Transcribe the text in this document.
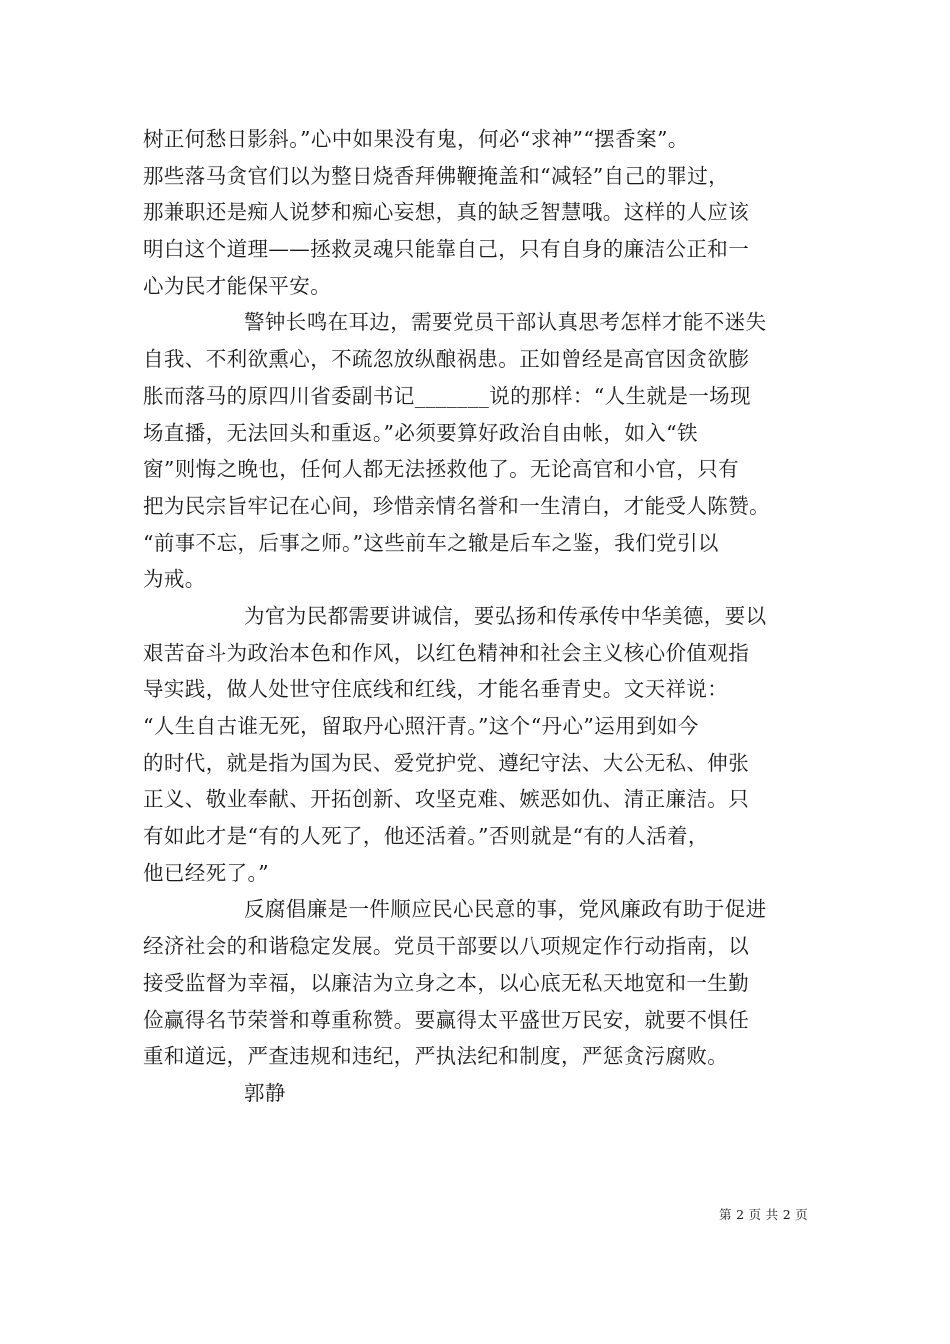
树正何愁日影斜。”心中如果没有鬼，何必“求神”“摆香案”。
那些落马贪官们以为整日烧香拜佛鞭掩盖和“减轻”自己的罪过，
那兼职还是痴人说梦和痴心妄想，真的缺乏智慧哦。这样的人应该
明白这个道理——拯救灵魂只能靠自己，只有自身的廉洁公正和一
心为民才能保平安。
警钟长鸣在耳边，需要党员干部认真思考怎样才能不迷失
自我、不利欲熏心，不疏忽放纵酿祸患。正如曾经是高官因贪欲膨
胀而落马的原四川省委副书记_______说的那样：“人生就是一场现
场直播，无法回头和重返。”必须要算好政治自由帐，如入“铁
窗”则悔之晚也，任何人都无法拯救他了。无论高官和小官，只有
把为民宗旨牢记在心间，珍惜亲情名誉和一生清白，才能受人陈赞。
“前事不忘，后事之师。”这些前车之辙是后车之鉴，我们党引以
为戒。
为官为民都需要讲诚信，要弘扬和传承传中华美德，要以
艰苦奋斗为政治本色和作风，以红色精神和社会主义核心价值观指
导实践，做人处世守住底线和红线，才能名垂青史。文天祥说：
“人生自古谁无死，留取丹心照汗青。”这个“丹心”运用到如今
的时代，就是指为国为民、爱党护党、遵纪守法、大公无私、伸张
正义、敬业奉献、开拓创新、攻坚克难、嫉恶如仇、清正廉洁。只
有如此才是“有的人死了，他还活着。”否则就是“有的人活着，
他已经死了。”
反腐倡廉是一件顺应民心民意的事，党风廉政有助于促进
经济社会的和谐稳定发展。党员干部要以八项规定作行动指南，以
接受监督为幸福，以廉洁为立身之本，以心底无私天地宽和一生勤
俭赢得名节荣誉和尊重称赞。要赢得太平盛世万民安，就要不惧任
重和道远，严查违规和违纪，严执法纪和制度，严惩贪污腐败。
郭静
第 2 页 共 2 页
